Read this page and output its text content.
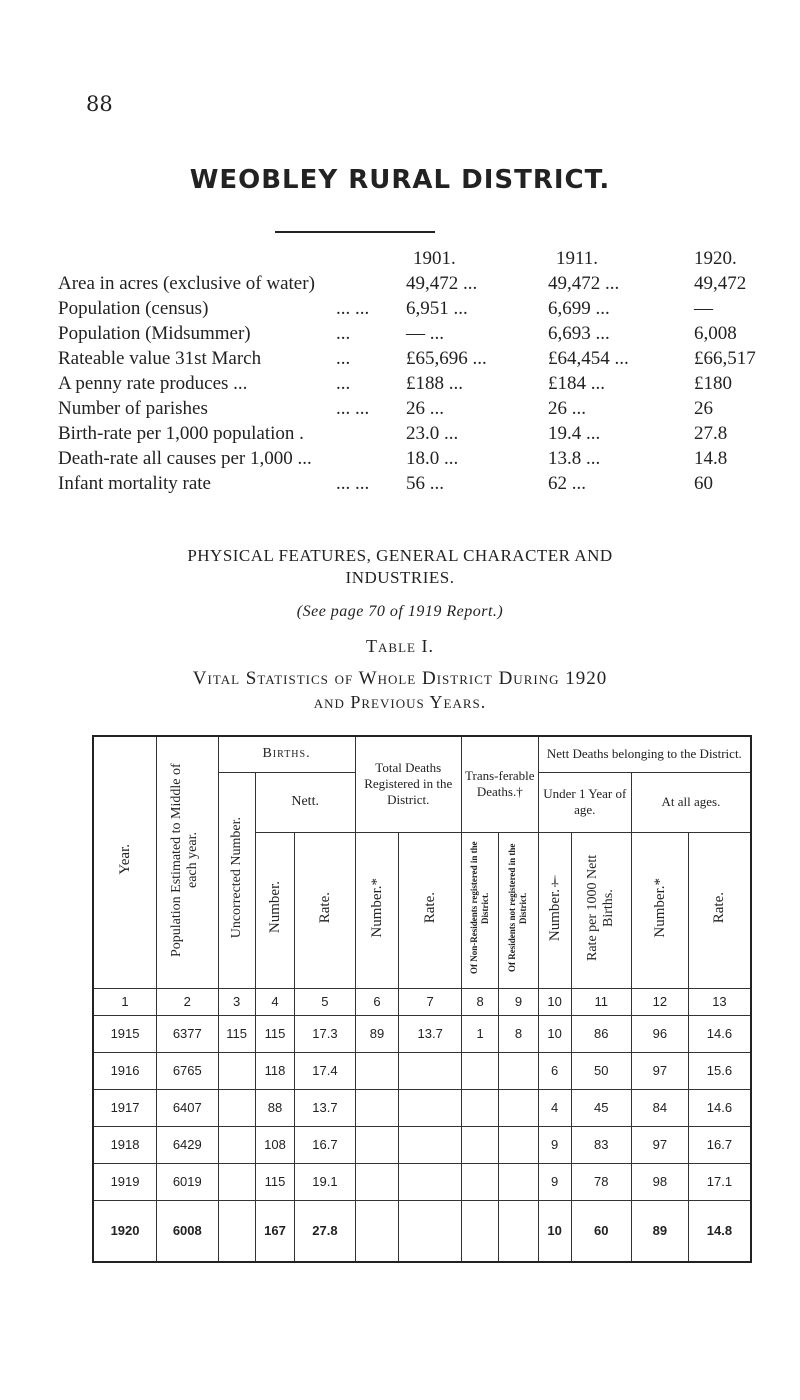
88
WEOBLEY RURAL DISTRICT.
1901.	1911.	1920.
Area in acres (exclusive of water)	49,472 ...	49,472 ...	49,472
Population (census)	... ... 6,951 ...	6,699 ...	—
Population (Midsummer)	...	— ...	6,693 ...	6,008
Rateable value 31st March	...	£65,696 ...	£64,454 ...	£66,517
A penny rate produces ...	...	£188 ...	£184 ...	£180
Number of parishes	... ... 26 ...	26 ...	26
Birth-rate per 1,000 population .	23.0 ...	19.4 ...	27.8
Death-rate all causes per 1,000 ...	18.0 ...	13.8 ...	14.8
Infant mortality rate	... ... 56 ...	62 ...	60
PHYSICAL FEATURES, GENERAL CHARACTER AND
INDUSTRIES.
(See page 70 of 1919 Report.)
Table I.
Vital Statistics of Whole District During 1920
and Previous Years.
Year.	Population Estimated to Middle of each year.	Births.			Total Deaths Registered in the District.		Trans-ferable Deaths.†		Nett Deaths belonging to the District.			
		Uncorrected Number.	Nett.						Under 1 Year of age.		At all ages.	
			Number.	Rate.	Number.*	Rate.	Of Non-Residents registered in the District.	Of Residents not registered in the District.	Number.†	Rate per 1000 Nett Births.	Number.*	Rate.
1	2	3	4	5	6	7	8	9	10	11	12	13
1915	6377	115	115	17.3	89	13.7	1	8	10	86	96	14.6
1916	6765		118	17.4					6	50	97	15.6
1917	6407		88	13.7					4	45	84	14.6
1918	6429		108	16.7					9	83	97	16.7
1919	6019		115	19.1					9	78	98	17.1
1920	6008		167	27.8					10	60	89	14.8
